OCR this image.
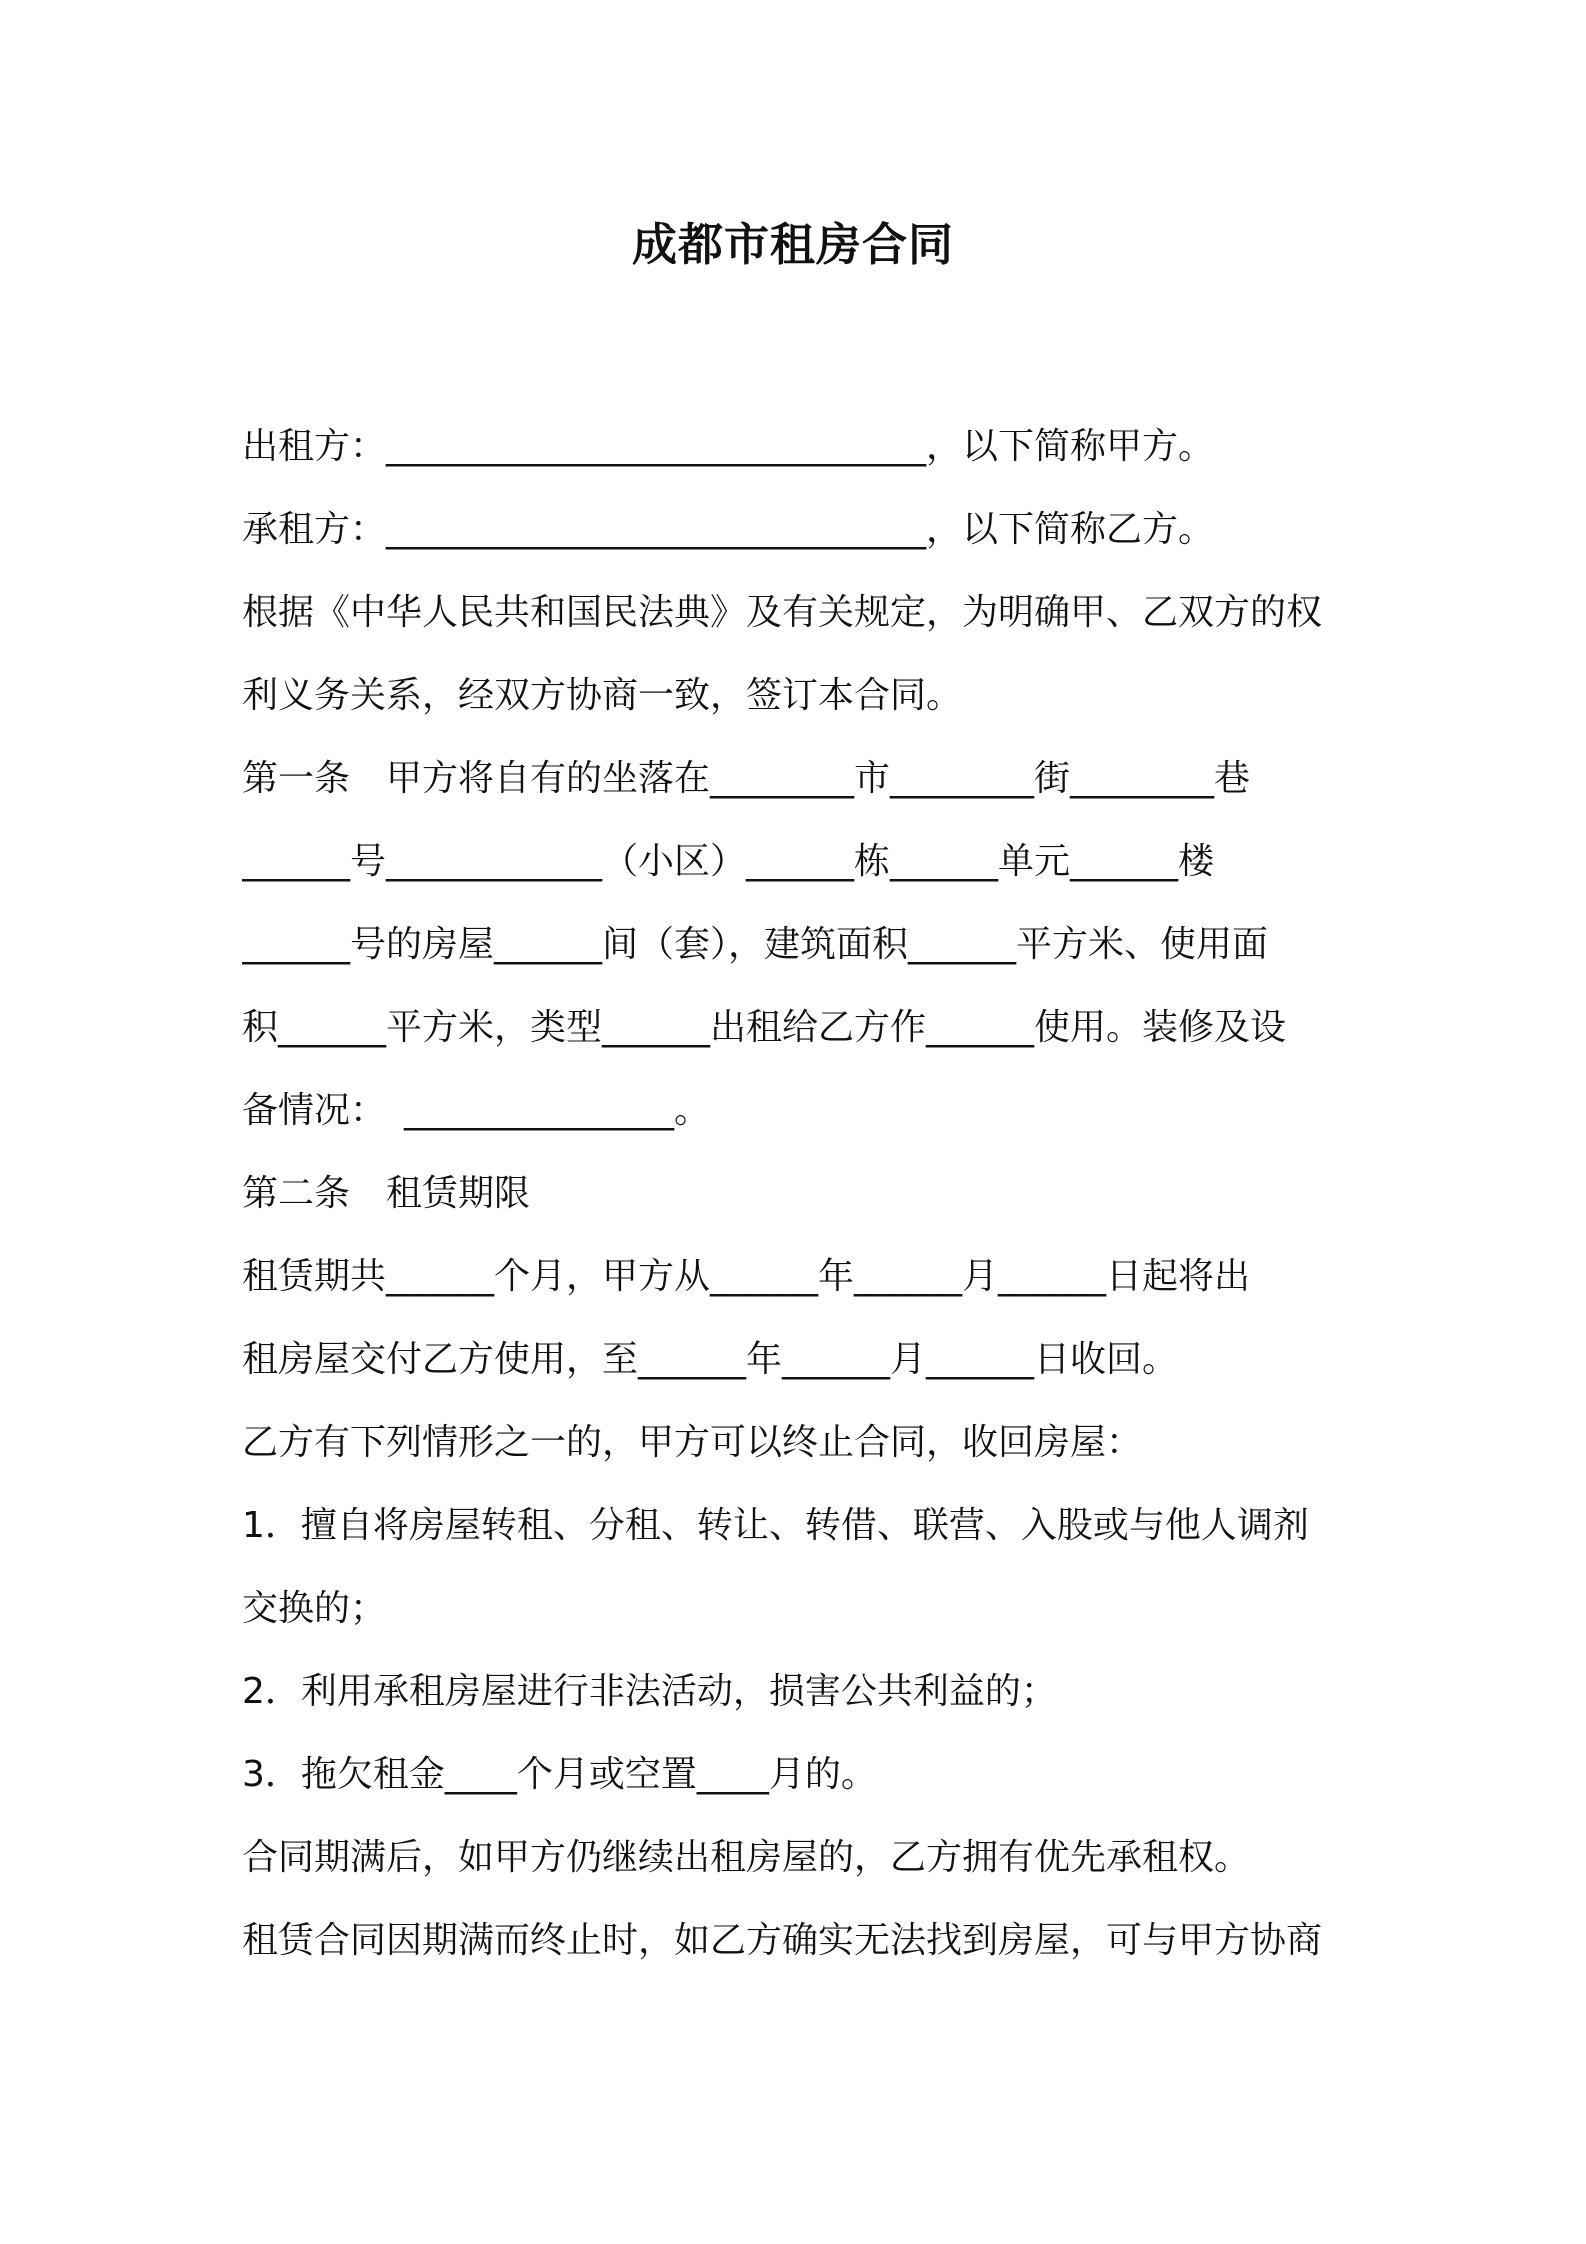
成都市租房合同
出租方：______________________________，以下简称甲方。
承租方：______________________________，以下简称乙方。
根据《中华人民共和国民法典》及有关规定，为明确甲、乙双方的权
利义务关系，经双方协商一致，签订本合同。
第一条　甲方将自有的坐落在________市________街________巷
______号____________（小区）______栋______单元______楼
______号的房屋______间（套），建筑面积______平方米、使用面
积______平方米，类型______出租给乙方作______使用。装修及设
备情况：　_______________。
第二条　租赁期限
租赁期共______个月，甲方从______年______月______日起将出
租房屋交付乙方使用，至______年______月______日收回。
乙方有下列情形之一的，甲方可以终止合同，收回房屋：
1．擅自将房屋转租、分租、转让、转借、联营、入股或与他人调剂
交换的；
2．利用承租房屋进行非法活动，损害公共利益的；
3．拖欠租金____个月或空置____月的。
合同期满后，如甲方仍继续出租房屋的，乙方拥有优先承租权。
租赁合同因期满而终止时，如乙方确实无法找到房屋，可与甲方协商
